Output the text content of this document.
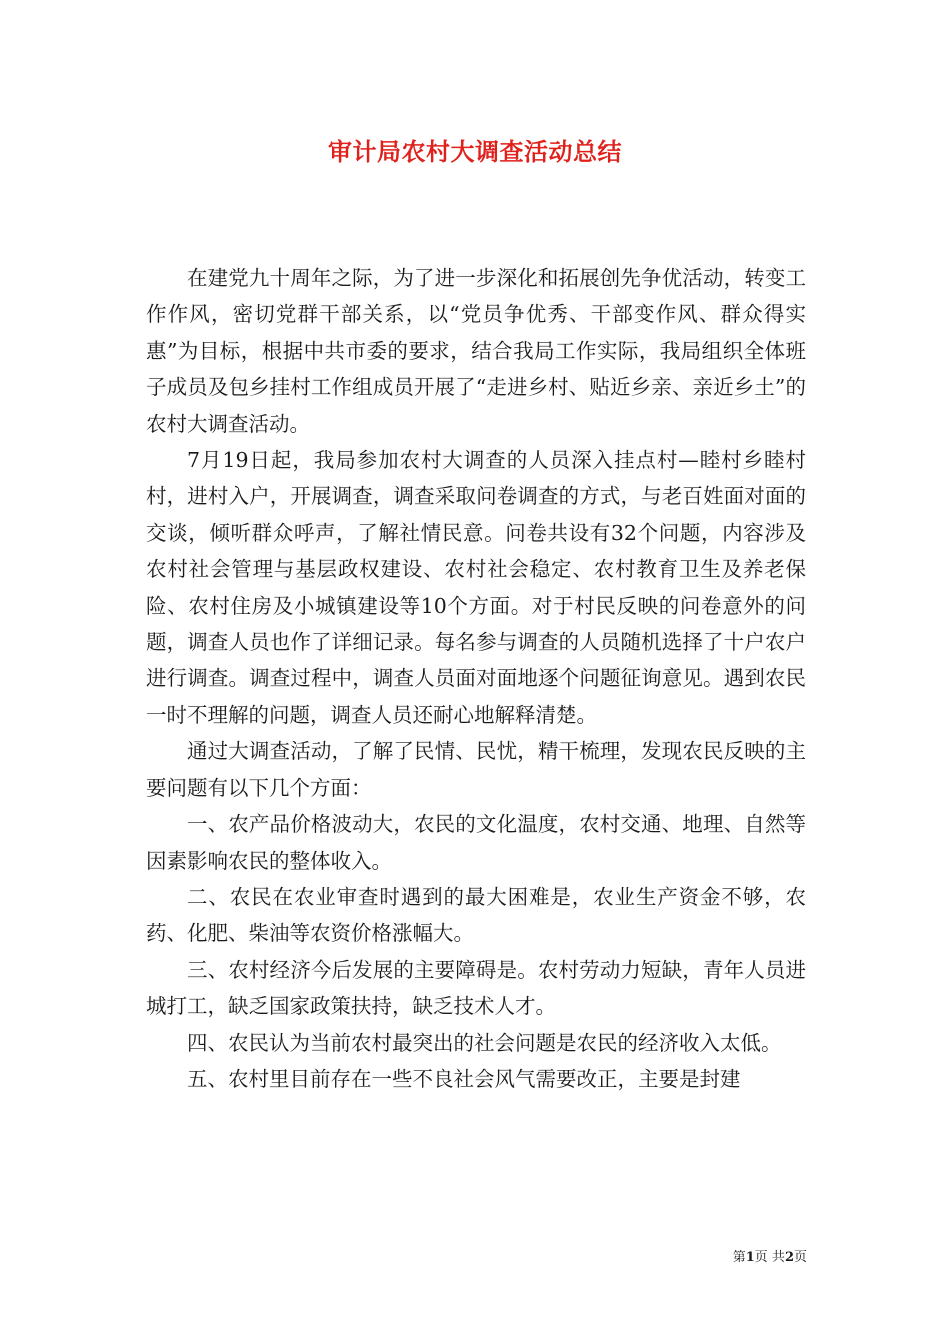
审计局农村大调查活动总结

在建党九十周年之际，为了进一步深化和拓展创先争优活动，转变工作作风，密切党群干部关系，以“党员争优秀、干部变作风、群众得实惠”为目标，根据中共市委的要求，结合我局工作实际，我局组织全体班子成员及包乡挂村工作组成员开展了“走进乡村、贴近乡亲、亲近乡土”的农村大调查活动。

7月19日起，我局参加农村大调查的人员深入挂点村—睦村乡睦村村，进村入户，开展调查，调查采取问卷调查的方式，与老百姓面对面的交谈，倾听群众呼声，了解社情民意。问卷共设有32个问题，内容涉及农村社会管理与基层政权建设、农村社会稳定、农村教育卫生及养老保险、农村住房及小城镇建设等10个方面。对于村民反映的问卷意外的问题，调查人员也作了详细记录。每名参与调查的人员随机选择了十户农户进行调查。调查过程中，调查人员面对面地逐个问题征询意见。遇到农民一时不理解的问题，调查人员还耐心地解释清楚。

通过大调查活动，了解了民情、民忧，精干梳理，发现农民反映的主要问题有以下几个方面：

一、农产品价格波动大，农民的文化温度，农村交通、地理、自然等因素影响农民的整体收入。

二、农民在农业审查时遇到的最大困难是，农业生产资金不够，农药、化肥、柴油等农资价格涨幅大。

三、农村经济今后发展的主要障碍是。农村劳动力短缺，青年人员进城打工，缺乏国家政策扶持，缺乏技术人才。

四、农民认为当前农村最突出的社会问题是农民的经济收入太低。

五、农村里目前存在一些不良社会风气需要改正，主要是封建

第1页 共2页
